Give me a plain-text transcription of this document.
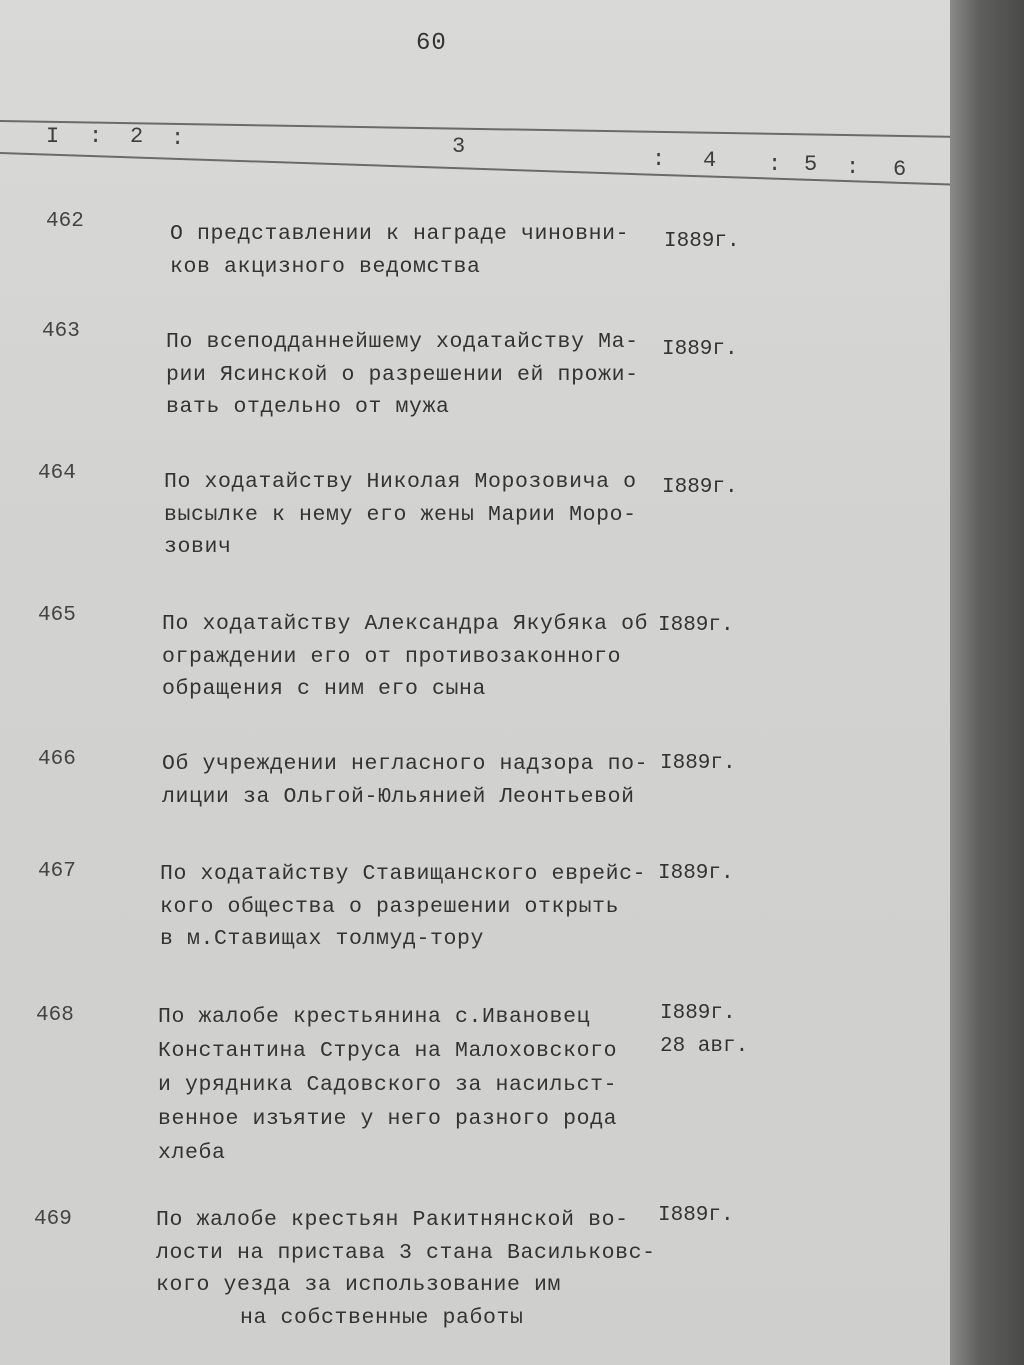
60
I : 2 :	3
: 4 : 5 : 6
462
О представлении к награде чиновни-
ков акцизного ведомства
I889г.
463	По всеподданнейшему ходатайству Ма-
рии Ясинской о разрешении ей прожи-
вать отдельно от мужа
I889г.
464	По ходатайству Николая Морозовича о
высылке к нему его жены Марии Моро-
зович
I889г.
465	По ходатайству Александра Якубяка об
ограждении его от противозаконного
обращения с ним его сына
I889г.
466	Об учреждении негласного надзора по-
лиции за Ольгой-Юльянией Леонтьевой
I889г.
467	По ходатайству Ставищанского еврейс-
кого общества о разрешении открыть
в м.Ставищах толмуд-тору
I889г.
468	По жалобе крестьянина с.Ивановец
Константина Струса на Малоховского
и урядника Садовского за насильст-
венное изъятие у него разного рода
хлеба
I889г.
28 авг.
469	По жалобе крестьян Ракитнянской во-
лости на пристава 3 стана Васильковс-
кого уезда за использование им
на собственные работы
I889г.
